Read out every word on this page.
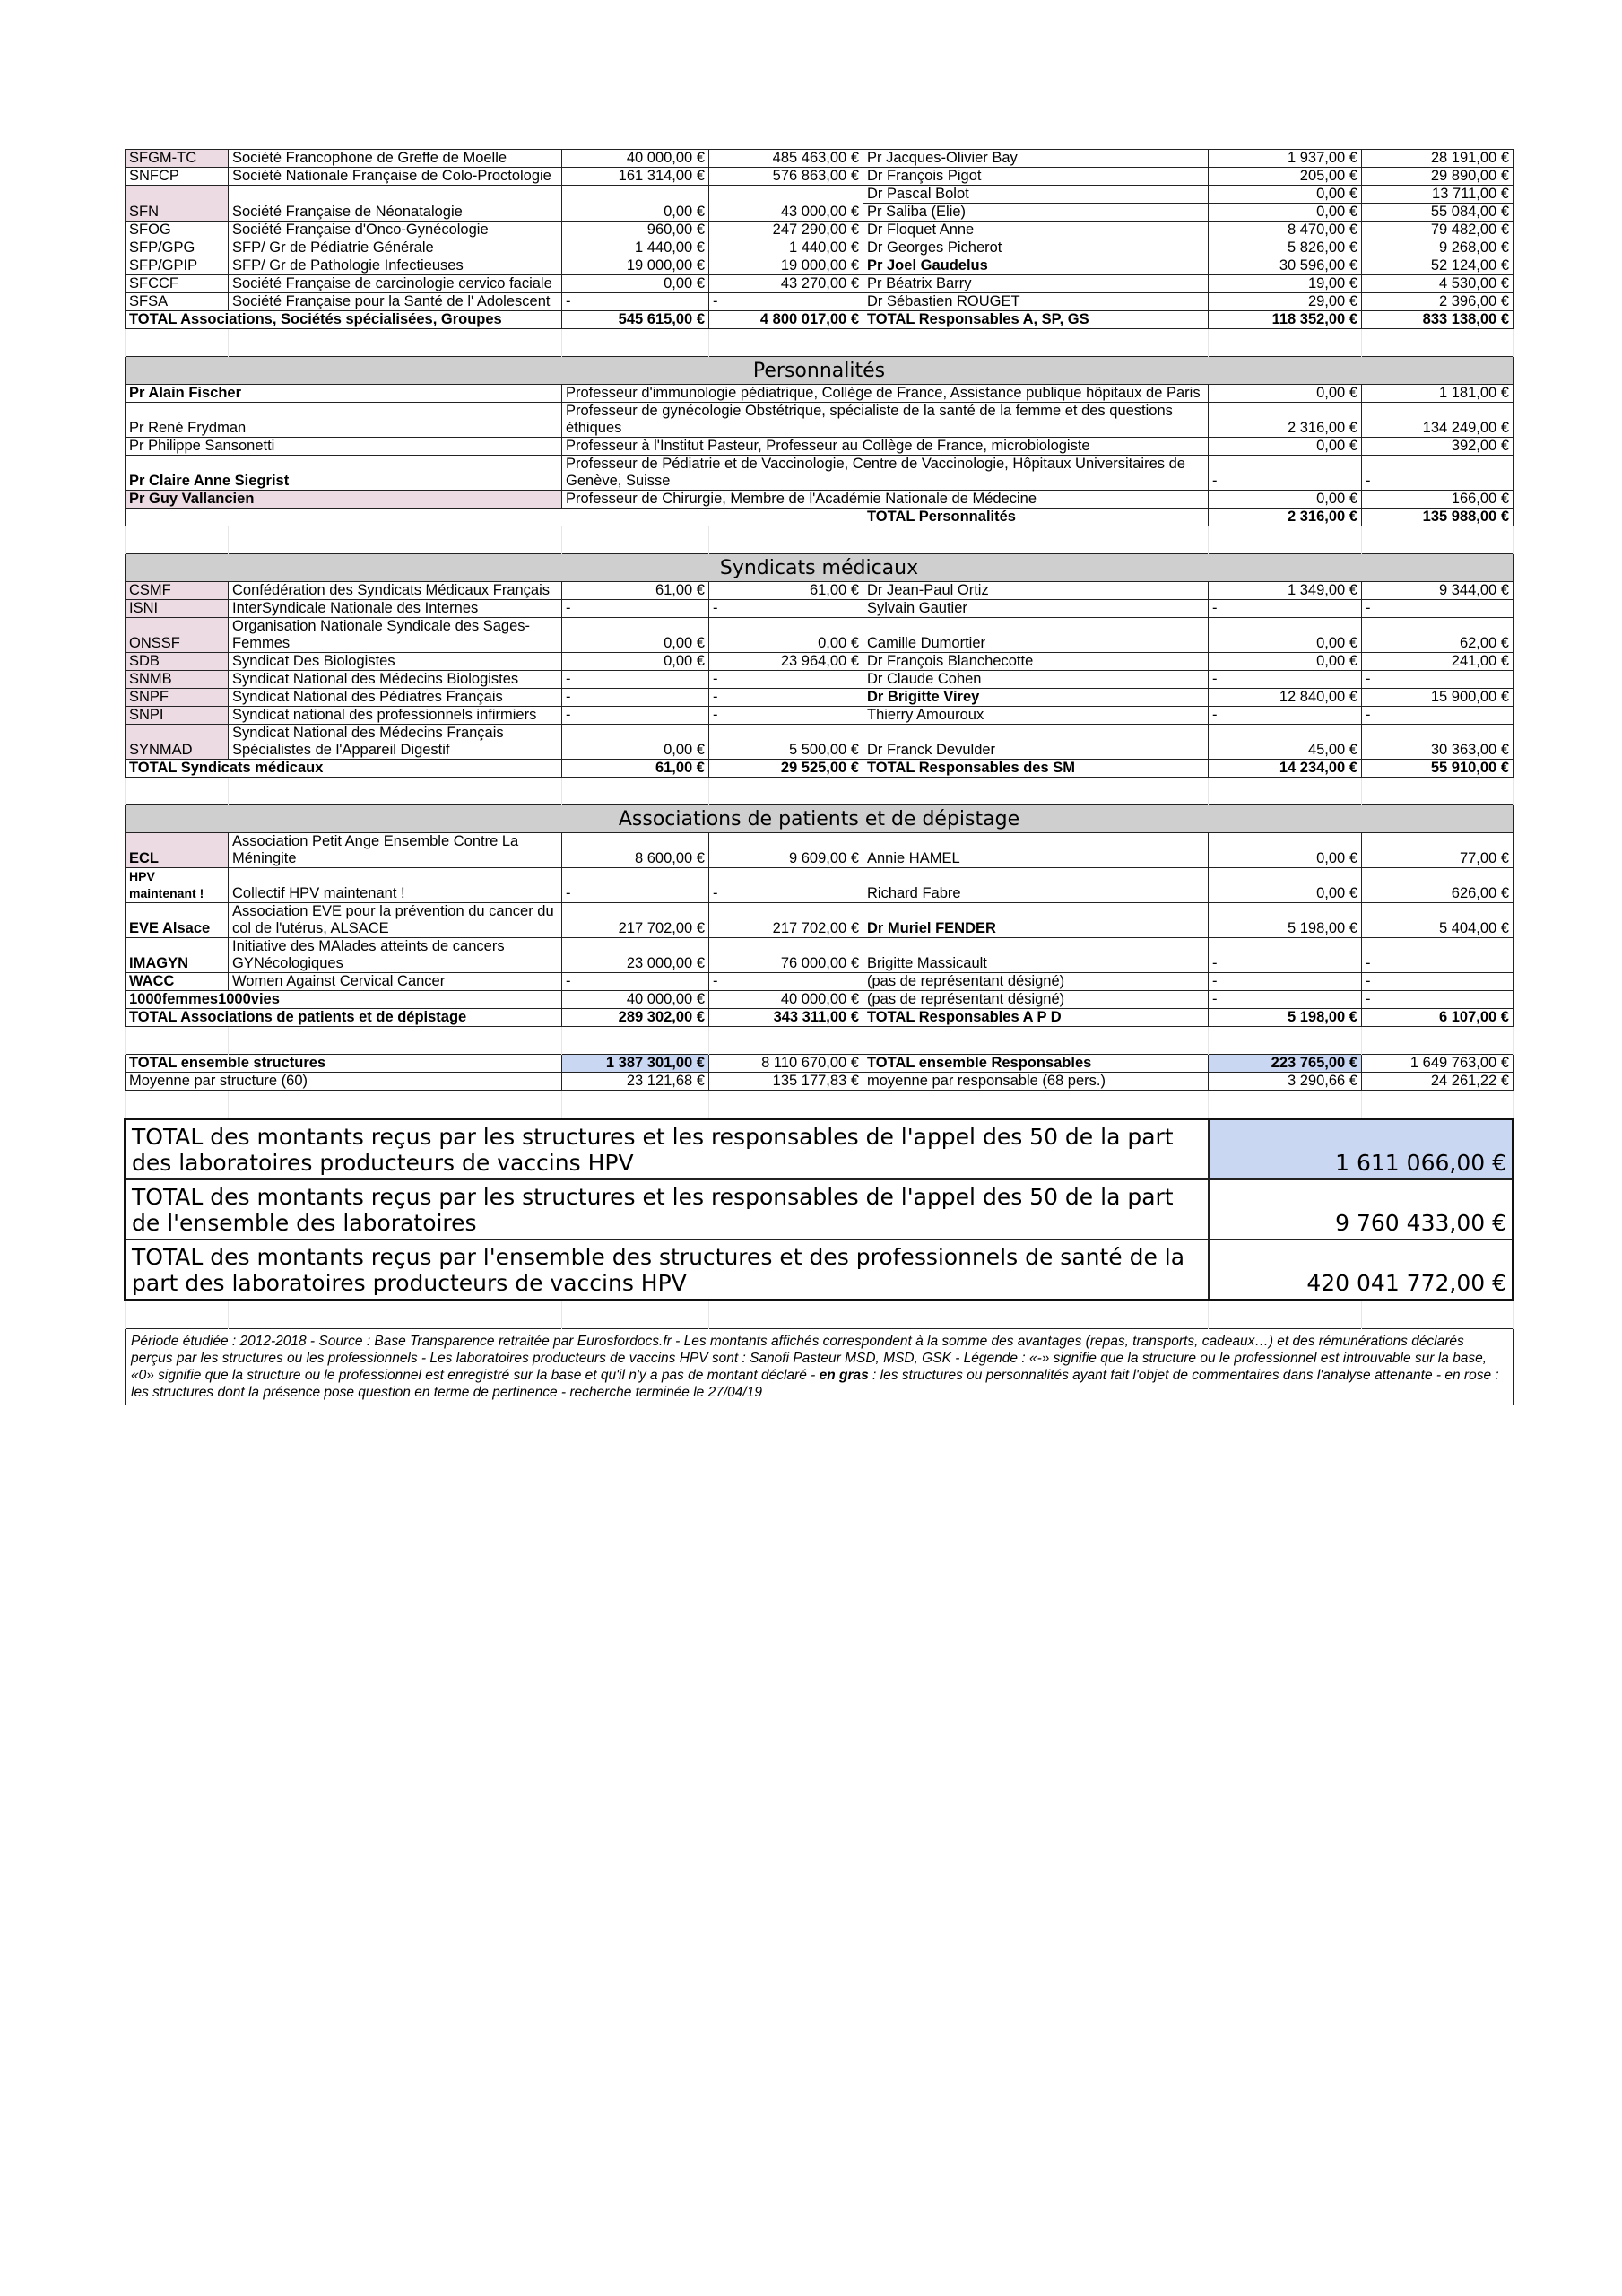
SFGM-TC	Société Francophone de Greffe de Moelle	40 000,00 €	485 463,00 €	Pr Jacques-Olivier Bay	1 937,00 €	28 191,00 €
SNFCP	Société Nationale Française de Colo-Proctologie	161 314,00 €	576 863,00 €	Dr François Pigot	205,00 €	29 890,00 €
				Dr Pascal Bolot	0,00 €	13 711,00 €
SFN	Société Française de Néonatalogie	0,00 €	43 000,00 €	Pr Saliba (Elie)	0,00 €	55 084,00 €
SFOG	Société Française d'Onco-Gynécologie	960,00 €	247 290,00 €	Dr Floquet Anne	8 470,00 €	79 482,00 €
SFP/GPG	SFP/ Gr de Pédiatrie Générale	1 440,00 €	1 440,00 €	Dr Georges Picherot	5 826,00 €	9 268,00 €
SFP/GPIP	SFP/ Gr de Pathologie Infectieuses	19 000,00 €	19 000,00 €	Pr Joel Gaudelus	30 596,00 €	52 124,00 €
SFCCF	Société Française de carcinologie cervico faciale	0,00 €	43 270,00 €	Pr Béatrix Barry	19,00 €	4 530,00 €
SFSA	Société Française pour la Santé de l' Adolescent	-	-	Dr Sébastien ROUGET	29,00 €	2 396,00 €
TOTAL Associations, Sociétés spécialisées, Groupes		545 615,00 €	4 800 017,00 €	TOTAL Responsables A, SP, GS	118 352,00 €	833 138,00 €

Personnalités						
Pr Alain Fischer		Professeur d'immunologie pédiatrique, Collège de France, Assistance publique hôpitaux de Paris			0,00 €	1 181,00 €
Pr René Frydman		Professeur de gynécologie Obstétrique, spécialiste de la santé de la femme et des questions éthiques			2 316,00 €	134 249,00 €
Pr Philippe Sansonetti		Professeur à l'Institut Pasteur, Professeur au Collège de France, microbiologiste			0,00 €	392,00 €
Pr Claire Anne Siegrist		Professeur de Pédiatrie et de Vaccinologie, Centre de Vaccinologie, Hôpitaux Universitaires de Genève, Suisse			-	-
Pr Guy Vallancien		Professeur de Chirurgie, Membre de l'Académie Nationale de Médecine			0,00 €	166,00 €
				TOTAL Personnalités	2 316,00 €	135 988,00 €

Syndicats médicaux						
CSMF	Confédération des Syndicats Médicaux Français	61,00 €	61,00 €	Dr Jean-Paul Ortiz	1 349,00 €	9 344,00 €
ISNI	InterSyndicale Nationale des Internes	-	-	Sylvain Gautier	-	-
ONSSF	Organisation Nationale Syndicale des Sages-Femmes	0,00 €	0,00 €	Camille Dumortier	0,00 €	62,00 €
SDB	Syndicat Des Biologistes	0,00 €	23 964,00 €	Dr François Blanchecotte	0,00 €	241,00 €
SNMB	Syndicat National des Médecins Biologistes	-	-	Dr Claude Cohen	-	-
SNPF	Syndicat National des Pédiatres Français	-	-	Dr Brigitte Virey	12 840,00 €	15 900,00 €
SNPI	Syndicat national des professionnels infirmiers	-	-	Thierry Amouroux	-	-
SYNMAD	Syndicat National des Médecins Français Spécialistes de l'Appareil Digestif	0,00 €	5 500,00 €	Dr Franck Devulder	45,00 €	30 363,00 €
TOTAL Syndicats médicaux		61,00 €	29 525,00 €	TOTAL Responsables des SM	14 234,00 €	55 910,00 €

Associations de patients et de dépistage						
ECL	Association Petit Ange Ensemble Contre La Méningite	8 600,00 €	9 609,00 €	Annie HAMEL	0,00 €	77,00 €
HPV maintenant !	Collectif HPV maintenant !	-	-	Richard Fabre	0,00 €	626,00 €
EVE Alsace	Association EVE pour la prévention du cancer du col de l'utérus, ALSACE	217 702,00 €	217 702,00 €	Dr Muriel FENDER	5 198,00 €	5 404,00 €
IMAGYN	Initiative des MAlades atteints de cancers GYNécologiques	23 000,00 €	76 000,00 €	Brigitte Massicault	-	-
WACC	Women Against Cervical Cancer	-	-	(pas de représentant désigné)	-	-
1000femmes1000vies		40 000,00 €	40 000,00 €	(pas de représentant désigné)	-	-
TOTAL Associations de patients et de dépistage		289 302,00 €	343 311,00 €	TOTAL Responsables A P D	5 198,00 €	6 107,00 €

TOTAL ensemble structures		1 387 301,00 €	8 110 670,00 €	TOTAL ensemble Responsables	223 765,00 €	1 649 763,00 €
Moyenne par structure (60)		23 121,68 €	135 177,83 €	moyenne par responsable (68 pers.)	3 290,66 €	24 261,22 €

TOTAL des montants reçus par les structures et les responsables de l'appel des 50 de la part des laboratoires producteurs de vaccins HPV					1 611 066,00 €	
TOTAL des montants reçus par les structures et les responsables de l'appel des 50 de la part de l'ensemble des laboratoires					9 760 433,00 €	
TOTAL des montants reçus par l'ensemble des structures et des professionnels de santé de la part des laboratoires producteurs de vaccins HPV					420 041 772,00 €	

Période étudiée : 2012-2018 - Source : Base Transparence retraitée par Eurosfordocs.fr - Les montants affichés correspondent à la somme des avantages (repas, transports, cadeaux…) et des rémunérations déclarés perçus par les structures ou les professionnels - Les laboratoires producteurs de vaccins HPV sont : Sanofi Pasteur MSD, MSD, GSK - Légende : «-» signifie que la structure ou le professionnel est introuvable sur la base, «0» signifie que la structure ou le professionnel est enregistré sur la base et qu'il n'y a pas de montant déclaré - en gras : les structures ou personnalités ayant fait l'objet de commentaires dans l'analyse attenante - en rose : les structures dont la présence pose question en terme de pertinence - recherche terminée le 27/04/19						
